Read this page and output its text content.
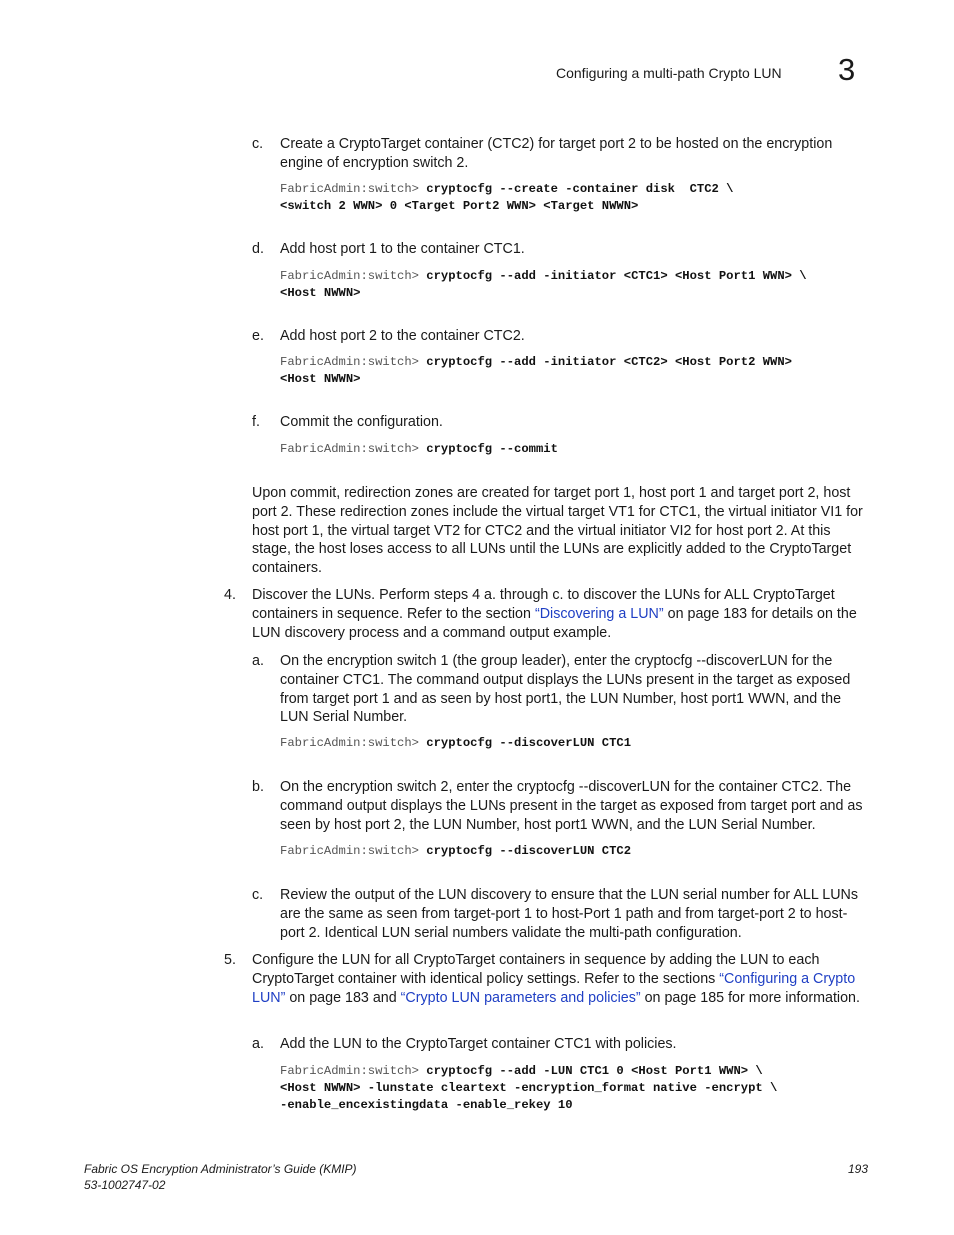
Configuring a multi-path Crypto LUN 3
c. Create a CryptoTarget container (CTC2) for target port 2 to be hosted on the encryption engine of encryption switch 2.
FabricAdmin:switch> cryptocfg --create -container disk  CTC2 \
<switch 2 WWN> 0 <Target Port2 WWN> <Target NWWN>
d. Add host port 1 to the container CTC1.
FabricAdmin:switch> cryptocfg --add -initiator <CTC1> <Host Port1 WWN> \
<Host NWWN>
e. Add host port 2 to the container CTC2.
FabricAdmin:switch> cryptocfg --add -initiator <CTC2> <Host Port2 WWN>
<Host NWWN>
f. Commit the configuration.
FabricAdmin:switch> cryptocfg --commit
Upon commit, redirection zones are created for target port 1, host port 1 and target port 2, host port 2. These redirection zones include the virtual target VT1 for CTC1, the virtual initiator VI1 for host port 1, the virtual target VT2 for CTC2 and the virtual initiator VI2 for host port 2. At this stage, the host loses access to all LUNs until the LUNs are explicitly added to the CryptoTarget containers.
4. Discover the LUNs. Perform steps 4 a. through c. to discover the LUNs for ALL CryptoTarget containers in sequence. Refer to the section “Discovering a LUN” on page 183 for details on the LUN discovery process and a command output example.
a. On the encryption switch 1 (the group leader), enter the cryptocfg --discoverLUN for the container CTC1. The command output displays the LUNs present in the target as exposed from target port 1 and as seen by host port1, the LUN Number, host port1 WWN, and the LUN Serial Number.
FabricAdmin:switch> cryptocfg --discoverLUN CTC1
b. On the encryption switch 2, enter the cryptocfg --discoverLUN for the container CTC2. The command output displays the LUNs present in the target as exposed from target port and as seen by host port 2, the LUN Number, host port1 WWN, and the LUN Serial Number.
FabricAdmin:switch> cryptocfg --discoverLUN CTC2
c. Review the output of the LUN discovery to ensure that the LUN serial number for ALL LUNs are the same as seen from target-port 1 to host-Port 1 path and from target-port 2 to host-port 2. Identical LUN serial numbers validate the multi-path configuration.
5. Configure the LUN for all CryptoTarget containers in sequence by adding the LUN to each CryptoTarget container with identical policy settings. Refer to the sections “Configuring a Crypto LUN” on page 183 and “Crypto LUN parameters and policies” on page 185 for more information.
a. Add the LUN to the CryptoTarget container CTC1 with policies.
FabricAdmin:switch> cryptocfg --add -LUN CTC1 0 <Host Port1 WWN> \
<Host NWWN> -lunstate cleartext -encryption_format native -encrypt \
-enable_encexistingdata -enable_rekey 10
Fabric OS Encryption Administrator’s Guide (KMIP)
53-1002747-02
193
